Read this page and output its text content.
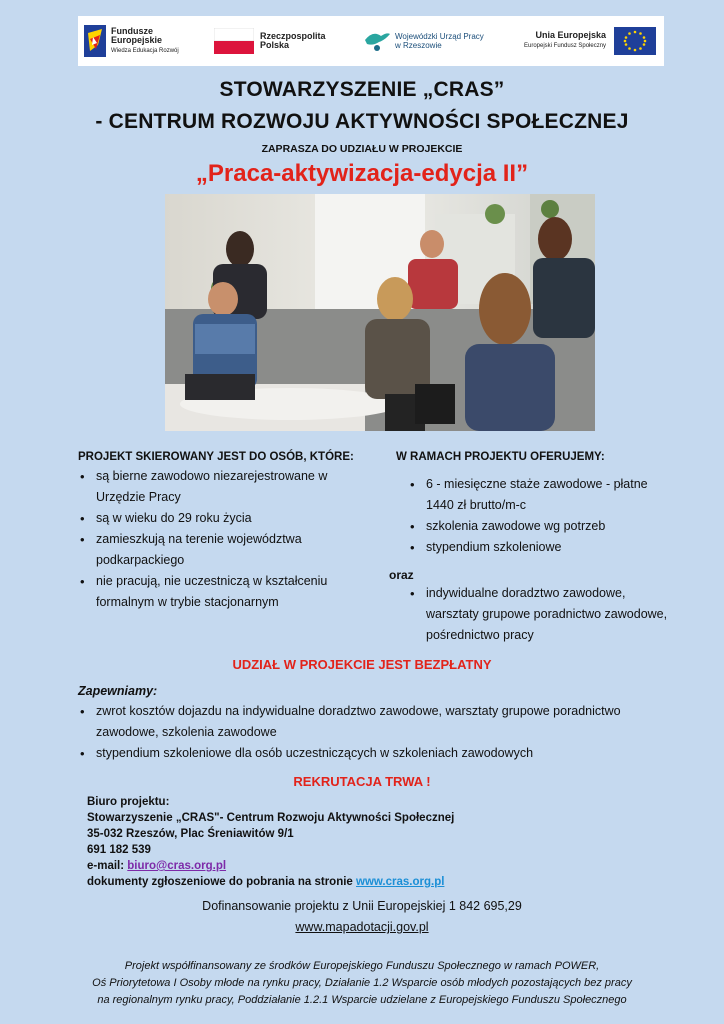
Fundusze
Europejskie
Wiedza Edukacja Rozwój
Rzeczpospolita
Polska
Wojewódzki Urząd Pracy
w Rzeszowie
Unia Europejska
Europejski Fundusz Społeczny
STOWARZYSZENIE „CRAS”
- CENTRUM ROZWOJU AKTYWNOŚCI SPOŁECZNEJ
ZAPRASZA DO UDZIAŁU W PROJEKCIE
„Praca-aktywizacja-edycja II”
PROJEKT SKIEROWANY JEST DO OSÓB, KTÓRE:
• są bierne zawodowo niezarejestrowane w Urzędzie Pracy
• są w wieku do 29 roku życia
• zamieszkują na terenie województwa podkarpackiego
• nie pracują, nie uczestniczą w kształceniu formalnym w trybie stacjonarnym
W RAMACH PROJEKTU OFERUJEMY:
• 6 - miesięczne staże zawodowe - płatne 1440 zł brutto/m-c
• szkolenia zawodowe wg potrzeb
• stypendium szkoleniowe
oraz
• indywidualne doradztwo zawodowe, warsztaty grupowe poradnictwo zawodowe, pośrednictwo pracy
UDZIAŁ W PROJEKCIE JEST BEZPŁATNY
Zapewniamy:
• zwrot kosztów dojazdu na indywidualne doradztwo zawodowe, warsztaty grupowe poradnictwo zawodowe, szkolenia zawodowe
• stypendium szkoleniowe dla osób uczestniczących w szkoleniach zawodowych
REKRUTACJA TRWA !
Biuro projektu:
Stowarzyszenie „CRAS"- Centrum Rozwoju Aktywności Społecznej
35-032 Rzeszów, Plac Śreniawitów 9/1
691 182 539
e-mail: biuro@cras.org.pl
dokumenty zgłoszeniowe do pobrania na stronie www.cras.org.pl
Dofinansowanie projektu z Unii Europejskiej 1 842 695,29
www.mapadotacji.gov.pl
Projekt współfinansowany ze środków Europejskiego Funduszu Społecznego w ramach POWER,
Oś Priorytetowa I Osoby młode na rynku pracy, Działanie 1.2 Wsparcie osób młodych pozostających bez pracy
na regionalnym rynku pracy, Poddziałanie 1.2.1 Wsparcie udzielane z Europejskiego Funduszu Społecznego
